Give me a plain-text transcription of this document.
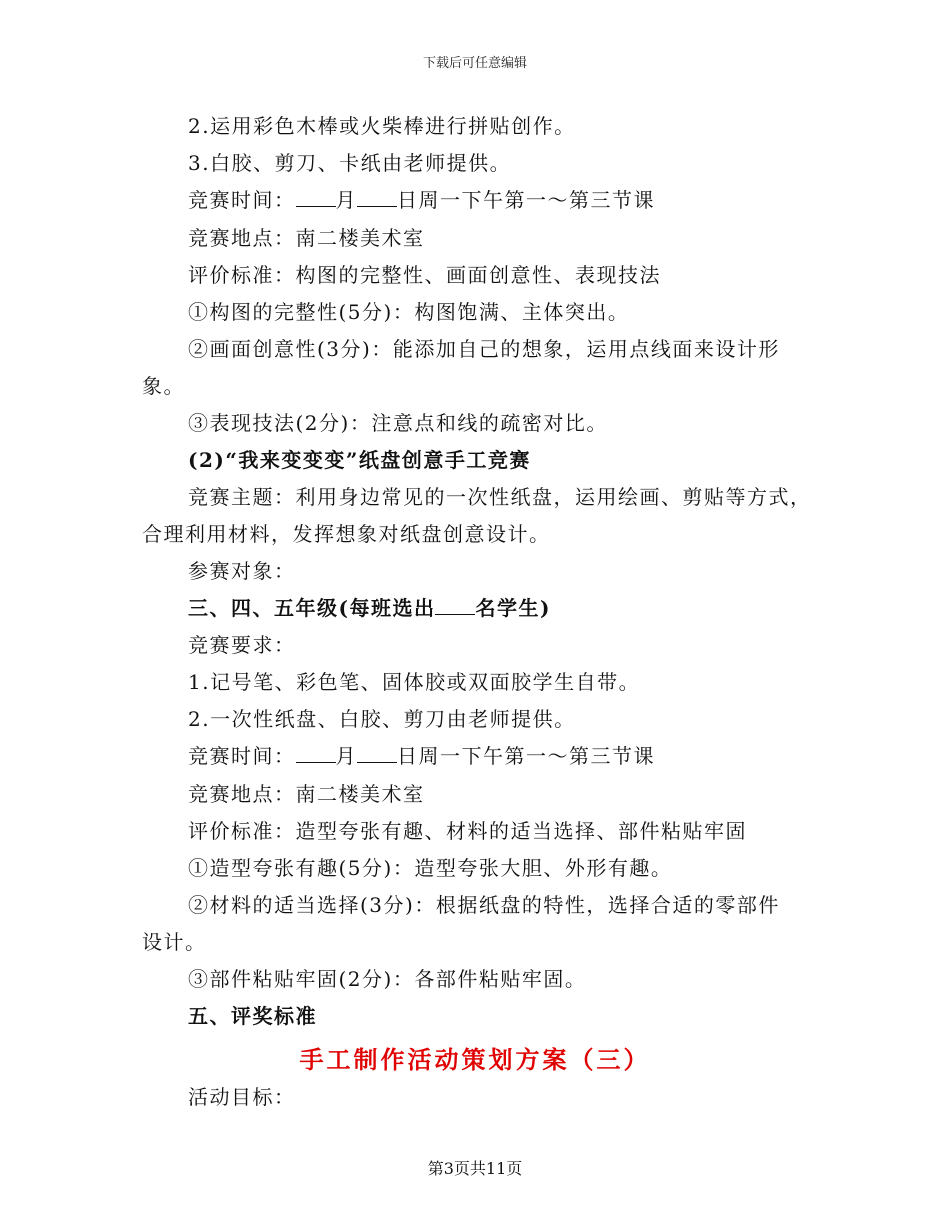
下载后可任意编辑
2.运用彩色木棒或火柴棒进行拼贴创作。
3.白胶、剪刀、卡纸由老师提供。
竞赛时间： 月 日周一下午第一～第三节课
竞赛地点：南二楼美术室
评价标准：构图的完整性、画面创意性、表现技法
①构图的完整性(5分)：构图饱满、主体突出。
②画面创意性(3分)：能添加自己的想象，运用点线面来设计形
象。
③表现技法(2分)：注意点和线的疏密对比。
(2)“我来变变变”纸盘创意手工竞赛
竞赛主题：利用身边常见的一次性纸盘，运用绘画、剪贴等方式，
合理利用材料，发挥想象对纸盘创意设计。
参赛对象：
三、四、五年级(每班选出 名学生)
竞赛要求：
1.记号笔、彩色笔、固体胶或双面胶学生自带。
2.一次性纸盘、白胶、剪刀由老师提供。
竞赛时间： 月 日周一下午第一～第三节课
竞赛地点：南二楼美术室
评价标准：造型夸张有趣、材料的适当选择、部件粘贴牢固
①造型夸张有趣(5分)：造型夸张大胆、外形有趣。
②材料的适当选择(3分)：根据纸盘的特性，选择合适的零部件
设计。
③部件粘贴牢固(2分)：各部件粘贴牢固。
五、评奖标准
手工制作活动策划方案（三）
活动目标：
第3页共11页
